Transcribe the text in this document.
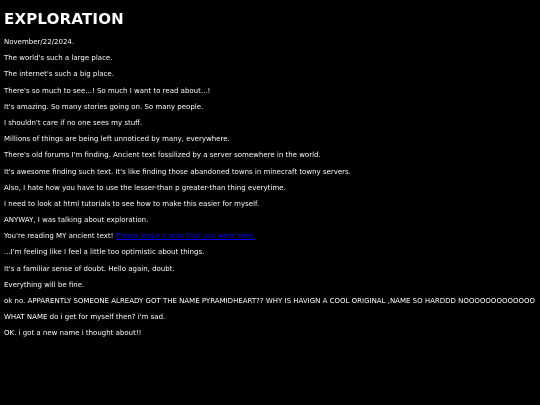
EXPLORATION

November/22/2024.

The world's such a large place.

The internet's such a big place.

There's so much to see...! So much I want to read about...!

It's amazing. So many stories going on. So many people.

I shouldn't care if no one sees my stuff.

Millions of things are being left unnoticed by many, everywhere.

There's old forums I'm finding. Ancient text fossilized by a server somewhere in the world.

It's awesome finding such text. It's like finding those abandoned towns in minecraft towny servers.

Also, I hate how you have to use the lesser-than p greater-than thing everytime.

I need to look at html tutorials to see how to make this easier for myself.

ANYWAY, I was talking about exploration.

You're reading MY ancient text! Please leave a note that you were here.

...I'm feeling like I feel a little too optimistic about things.

It's a familiar sense of doubt. Hello again, doubt.

Everything will be fine.

ok no. APPARENTLY SOMEONE ALREADY GOT THE NAME PYRAMIDHEART?? WHY IS HAVIGN A COOL ORIGINAL ,NAME SO HARDDD NOOOOOOOOOOOOO

WHAT NAME do i get for myself then? i'm sad.

OK. i got a new name i thought about!!
